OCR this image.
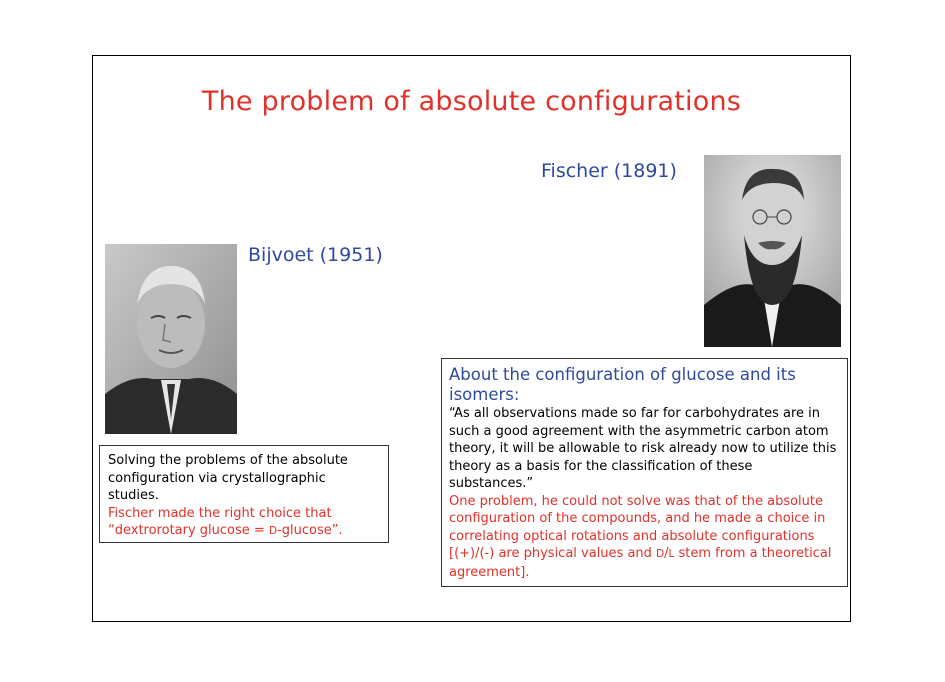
The problem of absolute configurations
Fischer (1891)
Bijvoet (1951)
Solving the problems of the absolute configuration via crystallographic studies.
Fischer made the right choice that
“dextrorotary glucose = D-glucose”.
About the configuration of glucose and its isomers:
“As all observations made so far for carbohydrates are in such a good agreement with the asymmetric carbon atom theory, it will be allowable to risk already now to utilize this theory as a basis for the classification of these substances.”
One problem, he could not solve was that of the absolute configuration of the compounds, and he made a choice in correlating optical rotations and absolute configurations [(+)/(-) are physical values and D/L stem from a theoretical agreement].
